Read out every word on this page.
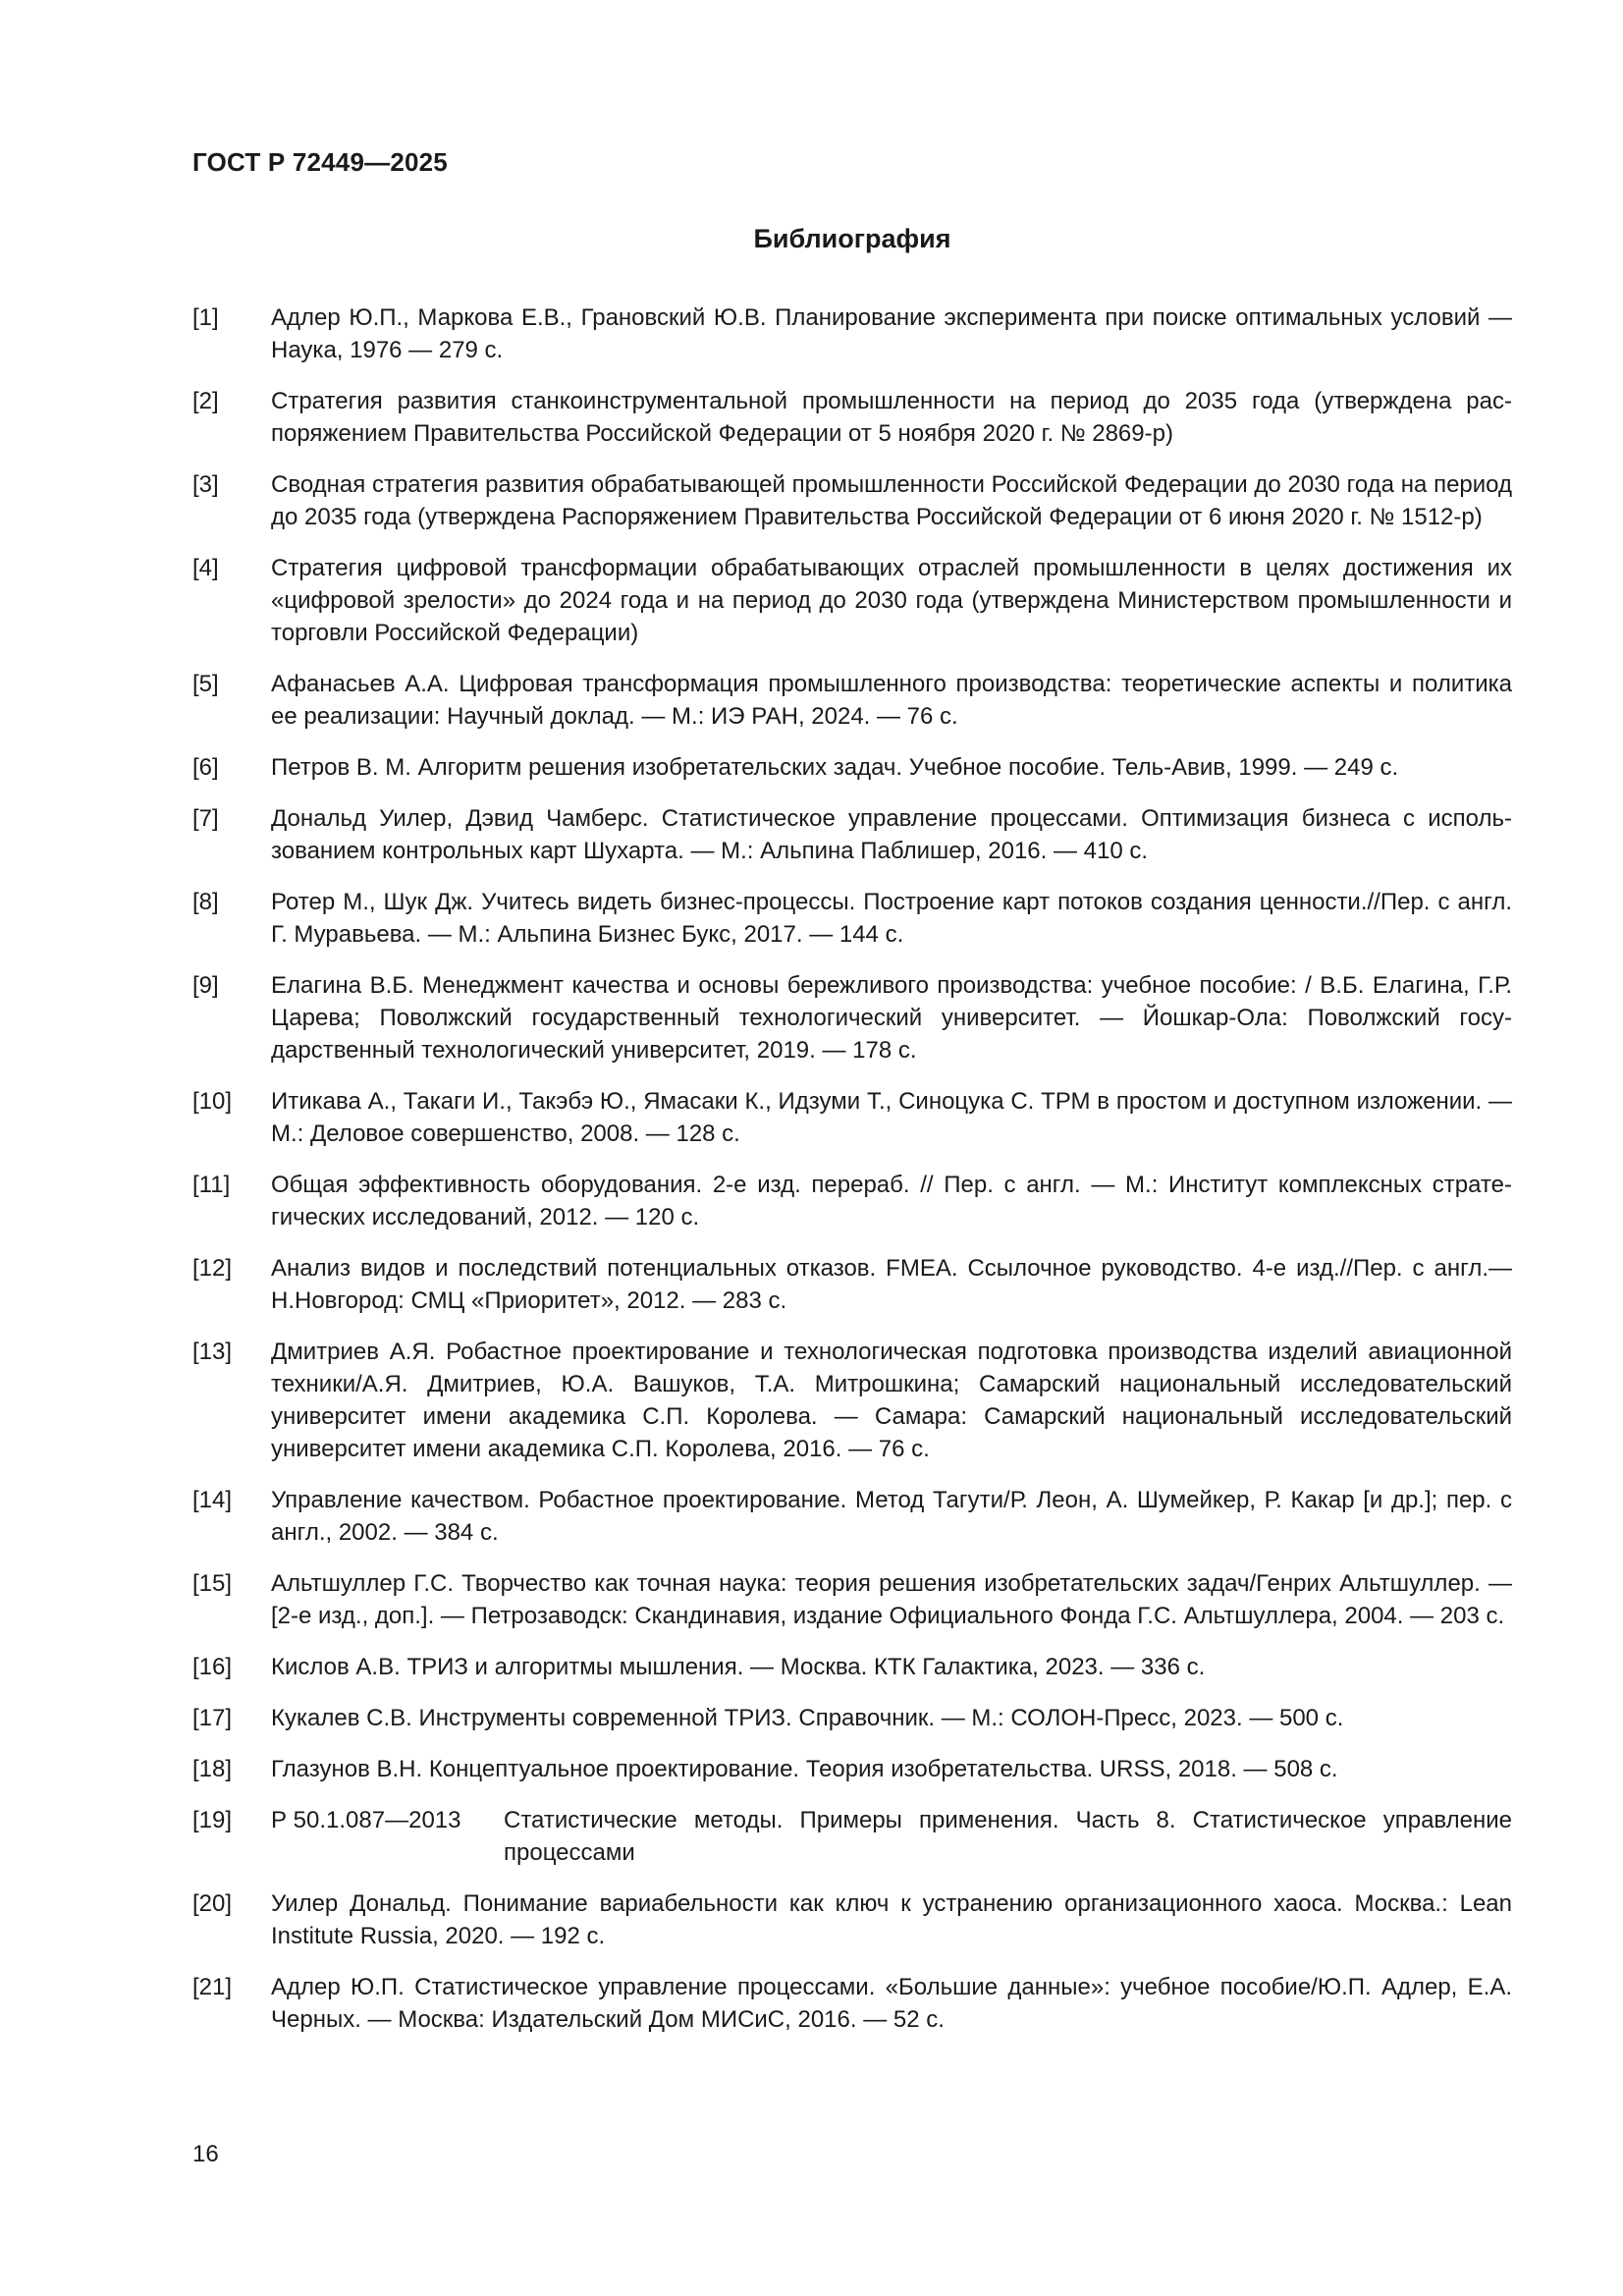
ГОСТ Р 72449—2025
Библиография
[1]	Адлер Ю.П., Маркова Е.В., Грановский Ю.В. Планирование эксперимента при поиске оптимальных условий — Наука, 1976 — 279 с.
[2]	Стратегия развития станкоинструментальной промышленности на период до 2035 года (утверждена распоряжением Правительства Российской Федерации от 5 ноября 2020 г. № 2869-р)
[3]	Сводная стратегия развития обрабатывающей промышленности Российской Федерации до 2030 года на период до 2035 года (утверждена Распоряжением Правительства Российской Федерации от 6 июня 2020 г. № 1512-р)
[4]	Стратегия цифровой трансформации обрабатывающих отраслей промышленности в целях достижения их «цифровой зрелости» до 2024 года и на период до 2030 года (утверждена Министерством промышленности и торговли Российской Федерации)
[5]	Афанасьев А.А. Цифровая трансформация промышленного производства: теоретические аспекты и политика ее реализации: Научный доклад. — М.: ИЭ РАН, 2024. — 76 с.
[6]	Петров В. М. Алгоритм решения изобретательских задач. Учебное пособие. Тель-Авив, 1999. — 249 с.
[7]	Дональд Уилер, Дэвид Чамберс. Статистическое управление процессами. Оптимизация бизнеса с использованием контрольных карт Шухарта. — М.: Альпина Паблишер, 2016. — 410 с.
[8]	Ротер М., Шук Дж. Учитесь видеть бизнес-процессы. Построение карт потоков создания ценности.//Пер. с англ. Г. Муравьева. — М.: Альпина Бизнес Букс, 2017. — 144 с.
[9]	Елагина В.Б. Менеджмент качества и основы бережливого производства: учебное пособие: / В.Б. Елагина, Г.Р. Царева; Поволжский государственный технологический университет. — Йошкар-Ола: Поволжский государственный технологический университет, 2019. — 178 с.
[10]	Итикава А., Такаги И., Такэбэ Ю., Ямасаки К., Идзуми Т., Синоцука С. ТРМ в простом и доступном изложении. — М.: Деловое совершенство, 2008. — 128 с.
[11]	Общая эффективность оборудования. 2-е изд. перераб. // Пер. с англ. — М.: Институт комплексных стратегических исследований, 2012. — 120 с.
[12]	Анализ видов и последствий потенциальных отказов. FMEA. Ссылочное руководство. 4-е изд.//Пер. с англ.— Н.Новгород: СМЦ «Приоритет», 2012. — 283 с.
[13]	Дмитриев А.Я. Робастное проектирование и технологическая подготовка производства изделий авиационной техники/А.Я. Дмитриев, Ю.А. Вашуков, Т.А. Митрошкина; Самарский национальный исследовательский университет имени академика С.П. Королева. — Самара: Самарский национальный исследовательский университет имени академика С.П. Королева, 2016. — 76 с.
[14]	Управление качеством. Робастное проектирование. Метод Тагути/Р. Леон, А. Шумейкер, Р. Какар [и др.]; пер. с англ., 2002. — 384 с.
[15]	Альтшуллер Г.С. Творчество как точная наука: теория решения изобретательских задач/Генрих Альтшуллер. — [2-е изд., доп.]. — Петрозаводск: Скандинавия, издание Официального Фонда Г.С. Альтшуллера, 2004. — 203 с.
[16]	Кислов А.В. ТРИЗ и алгоритмы мышления. — Москва. КТК Галактика, 2023. — 336 с.
[17]	Кукалев С.В. Инструменты современной ТРИЗ. Справочник. — М.: СОЛОН-Пресс, 2023. — 500 с.
[18]	Глазунов В.Н. Концептуальное проектирование. Теория изобретательства. URSS, 2018. — 508 с.
[19]	Р 50.1.087—2013	Статистические методы. Примеры применения. Часть 8. Статистическое управление процессами
[20]	Уилер Дональд. Понимание вариабельности как ключ к устранению организационного хаоса. Москва.: Lean Institute Russia, 2020. — 192 с.
[21]	Адлер Ю.П. Статистическое управление процессами. «Большие данные»: учебное пособие/Ю.П. Адлер, Е.А. Черных. — Москва: Издательский Дом МИСиС, 2016. — 52 с.
16
